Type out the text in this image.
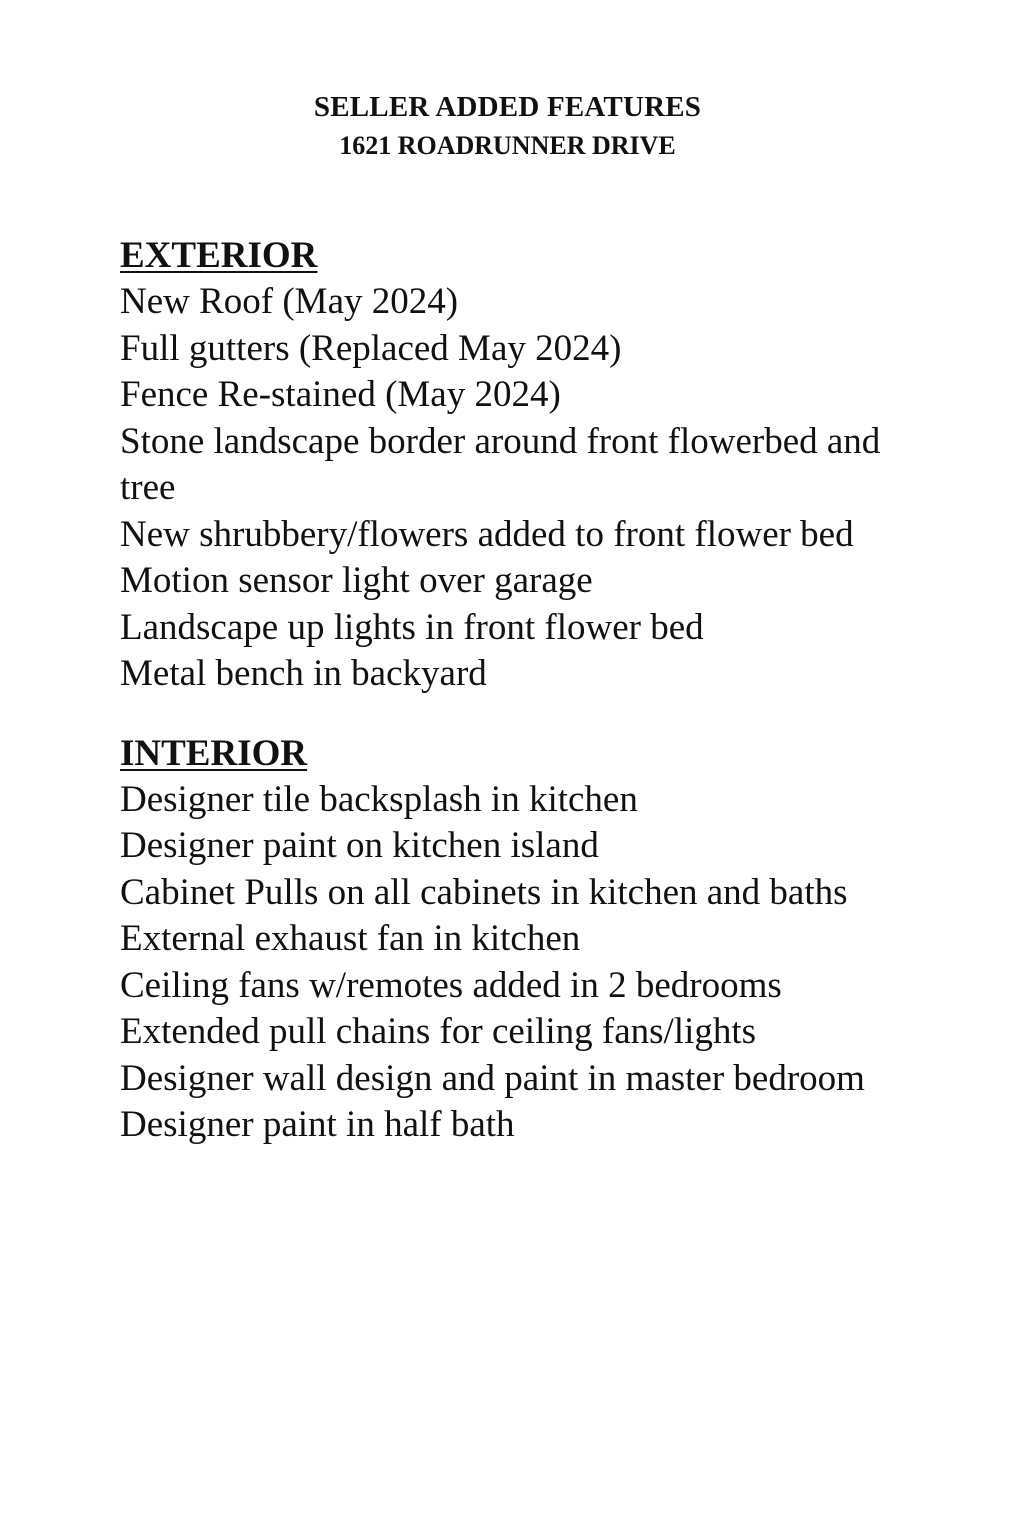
SELLER ADDED FEATURES
1621 ROADRUNNER DRIVE
EXTERIOR
New Roof (May 2024)
Full gutters (Replaced May 2024)
Fence Re-stained (May 2024)
Stone landscape border around front flowerbed and tree
New shrubbery/flowers added to front flower bed
Motion sensor light over garage
Landscape up lights in front flower bed
Metal bench in backyard
INTERIOR
Designer tile backsplash in kitchen
Designer paint on kitchen island
Cabinet Pulls on all cabinets in kitchen and baths
External exhaust fan in kitchen
Ceiling fans w/remotes added in 2 bedrooms
Extended pull chains for ceiling fans/lights
Designer wall design and paint in master bedroom
Designer paint in half bath
